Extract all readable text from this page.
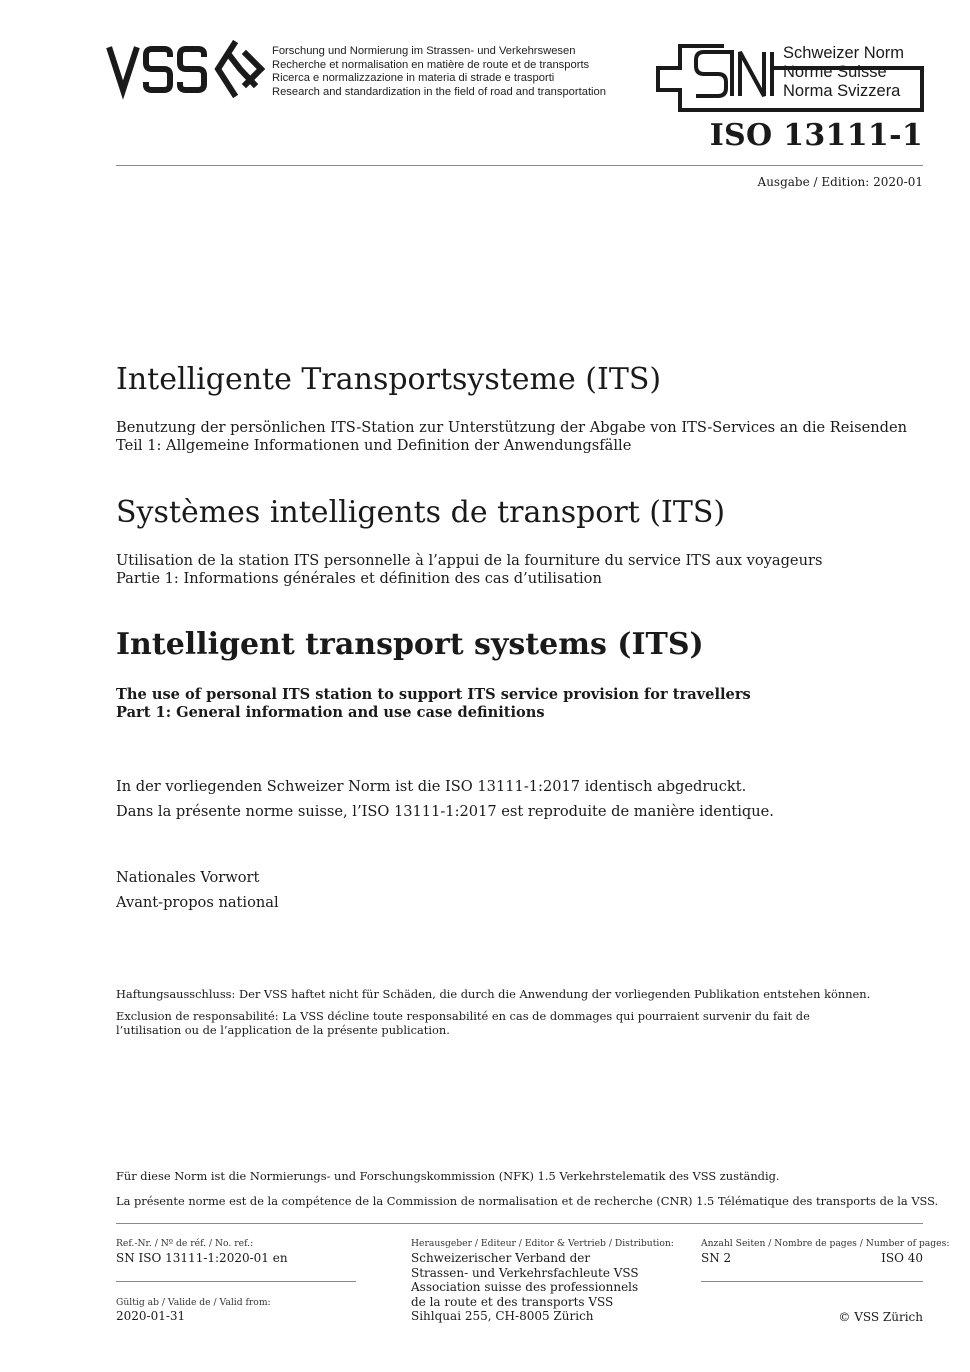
Forschung und Normierung im Strassen- und Verkehrswesen
Recherche et normalisation en matière de route et de transports
Ricerca e normalizzazione in materia di strade e trasporti
Research and standardization in the field of road and transportation
Schweizer Norm
Norme Suisse
Norma Svizzera
ISO 13111-1
Ausgabe / Edition: 2020-01
Intelligente Transportsysteme (ITS)
Benutzung der persönlichen ITS-Station zur Unterstützung der Abgabe von ITS-Services an die Reisenden
Teil 1: Allgemeine Informationen und Definition der Anwendungsfälle
Systèmes intelligents de transport (ITS)
Utilisation de la station ITS personnelle à l’appui de la fourniture du service ITS aux voyageurs
Partie 1: Informations générales et définition des cas d’utilisation
Intelligent transport systems (ITS)
The use of personal ITS station to support ITS service provision for travellers
Part 1: General information and use case definitions
In der vorliegenden Schweizer Norm ist die ISO 13111-1:2017 identisch abgedruckt.
Dans la présente norme suisse, l’ISO 13111-1:2017 est reproduite de manière identique.
Nationales Vorwort
Avant-propos national
Haftungsausschluss: Der VSS haftet nicht für Schäden, die durch die Anwendung der vorliegenden Publikation entstehen können.
Exclusion de responsabilité: La VSS décline toute responsabilité en cas de dommages qui pourraient survenir du fait de l’utilisation ou de l’application de la présente publication.
Für diese Norm ist die Normierungs- und Forschungskommission (NFK) 1.5 Verkehrstelematik des VSS zuständig.
La présente norme est de la compétence de la Commission de normalisation et de recherche (CNR) 1.5 Télématique des transports de la VSS.
Ref.-Nr. / Nº de réf. / No. ref.:
SN ISO 13111-1:2020-01 en
Gültig ab / Valide de / Valid from:
2020-01-31
Herausgeber / Editeur / Editor & Vertrieb / Distribution:
Schweizerischer Verband der
Strassen- und Verkehrsfachleute VSS
Association suisse des professionnels
de la route et des transports VSS
Sihlquai 255, CH-8005 Zürich
Anzahl Seiten / Nombre de pages / Number of pages:
SN 2	ISO 40
© VSS Zürich
